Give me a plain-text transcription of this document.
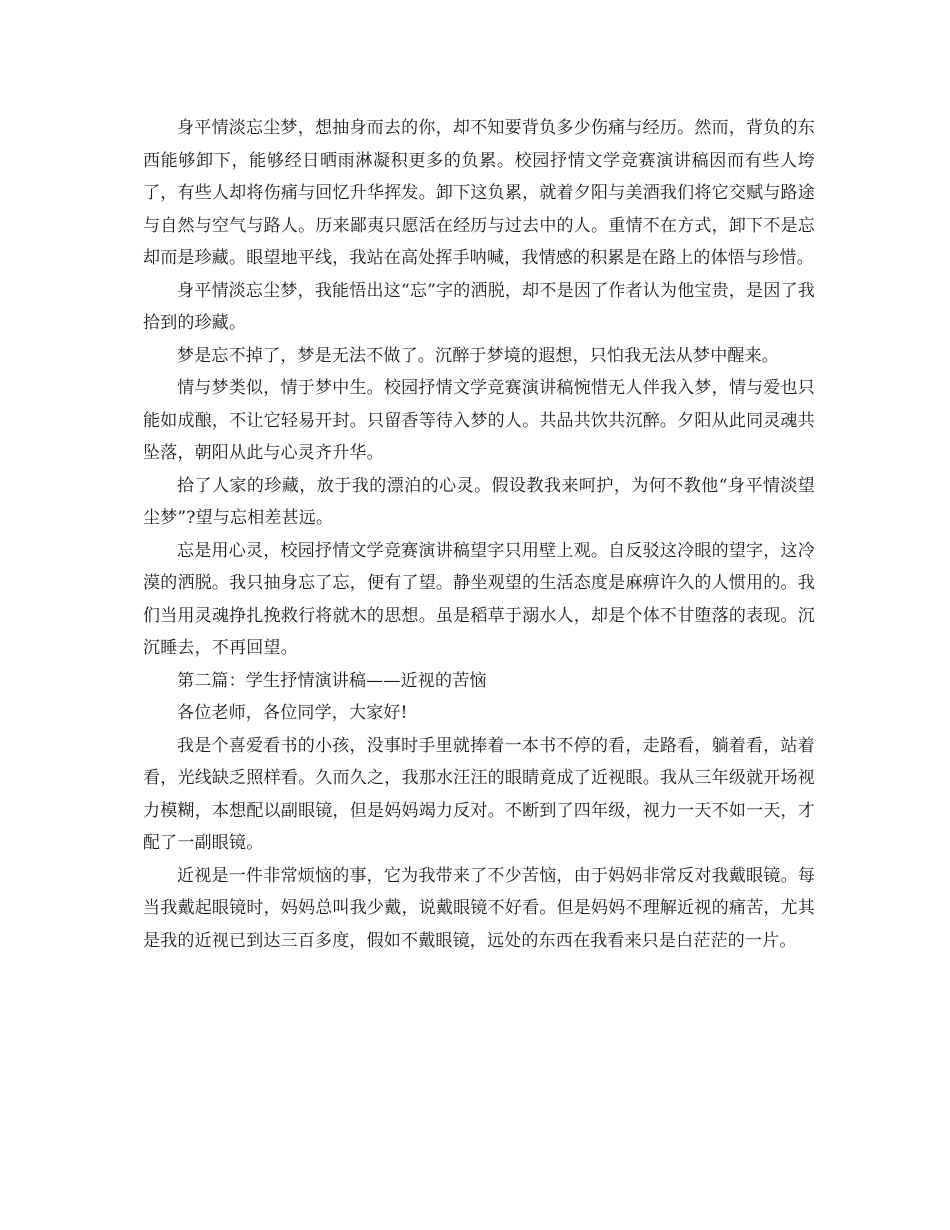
身平情淡忘尘梦，想抽身而去的你，却不知要背负多少伤痛与经历。然而，背负的东西能够卸下，能够经日晒雨淋凝积更多的负累。校园抒情文学竞赛演讲稿因而有些人垮了，有些人却将伤痛与回忆升华挥发。卸下这负累，就着夕阳与美酒我们将它交赋与路途与自然与空气与路人。历来鄙夷只愿活在经历与过去中的人。重情不在方式，卸下不是忘却而是珍藏。眼望地平线，我站在高处挥手呐喊，我情感的积累是在路上的体悟与珍惜。

身平情淡忘尘梦，我能悟出这“忘”字的洒脱，却不是因了作者认为他宝贵，是因了我拾到的珍藏。

梦是忘不掉了，梦是无法不做了。沉醉于梦境的遐想，只怕我无法从梦中醒来。

情与梦类似，情于梦中生。校园抒情文学竞赛演讲稿惋惜无人伴我入梦，情与爱也只能如成酿，不让它轻易开封。只留香等待入梦的人。共品共饮共沉醉。夕阳从此同灵魂共坠落，朝阳从此与心灵齐升华。

拾了人家的珍藏，放于我的漂泊的心灵。假设教我来呵护，为何不教他“身平情淡望尘梦”?望与忘相差甚远。

忘是用心灵，校园抒情文学竞赛演讲稿望字只用壁上观。自反驳这冷眼的望字，这冷漠的洒脱。我只抽身忘了忘，便有了望。静坐观望的生活态度是麻痹许久的人惯用的。我们当用灵魂挣扎挽救行将就木的思想。虽是稻草于溺水人，却是个体不甘堕落的表现。沉沉睡去，不再回望。

第二篇：学生抒情演讲稿——近视的苦恼

各位老师，各位同学，大家好!

我是个喜爱看书的小孩，没事时手里就捧着一本书不停的看，走路看，躺着看，站着看，光线缺乏照样看。久而久之，我那水汪汪的眼睛竟成了近视眼。我从三年级就开场视力模糊，本想配以副眼镜，但是妈妈竭力反对。不断到了四年级，视力一天不如一天，才配了一副眼镜。

近视是一件非常烦恼的事，它为我带来了不少苦恼，由于妈妈非常反对我戴眼镜。每当我戴起眼镜时，妈妈总叫我少戴，说戴眼镜不好看。但是妈妈不理解近视的痛苦，尤其是我的近视已到达三百多度，假如不戴眼镜，远处的东西在我看来只是白茫茫的一片。
